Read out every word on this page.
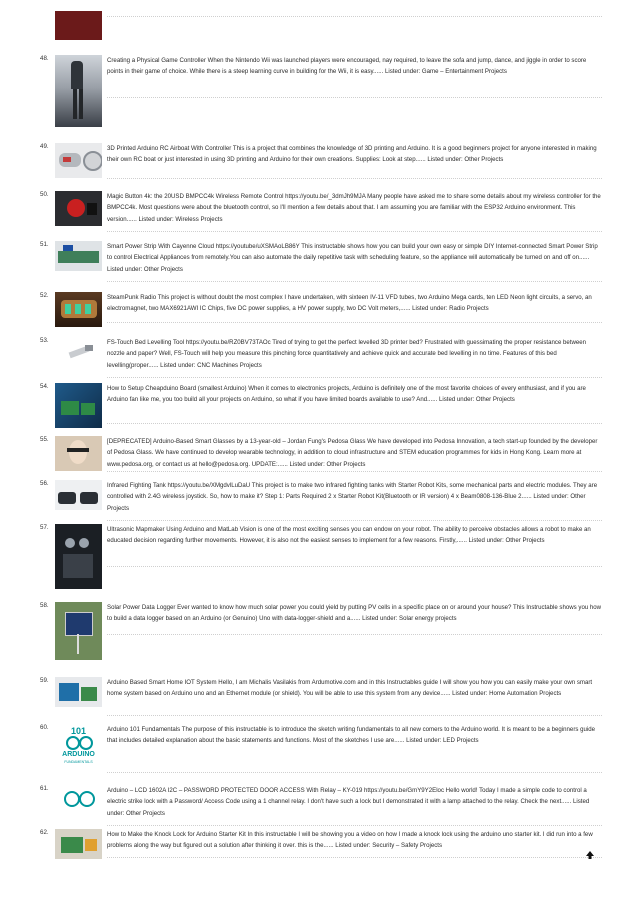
48.	Creating a Physical Game Controller When the Nintendo Wii was launched players were encouraged, nay required, to leave the sofa and jump, dance, and jiggle in order to score points in their game of choice. While there is a steep learning curve in building for the Wii, it is easy...... Listed under: Game – Entertainment Projects
49.	3D Printed Arduino RC Airboat With Controller This is a project that combines the knowledge of 3D printing and Arduino. It is a good beginners project for anyone interested in making their own RC boat or just interested in using 3D printing and Arduino for their own creations. Supplies: Look at step...... Listed under: Other Projects
50.	Magic Button 4k: the 20USD BMPCC4k Wireless Remote Control https://youtu.be/_3dmJh9MJA Many people have asked me to share some details about my wireless controller for the BMPCC4k. Most questions were about the bluetooth control, so I'll mention a few details about that. I am assuming you are familiar with the ESP32 Arduino environment. This version...... Listed under: Wireless Projects
51.	Smart Power Strip With Cayenne Cloud https://youtube/uXSMAoLB86Y This instructable shows how you can build your own easy or simple DIY Internet-connected Smart Power Strip to control Electrical Appliances from remotely.You can also automate the daily repetitive task with scheduling feature, so the appliance will automatically be turned on and off on...... Listed under: Other Projects
52.	SteamPunk Radio This project is without doubt the most complex I have undertaken, with sixteen IV-11 VFD tubes, two Arduino Mega cards, ten LED Neon light circuits, a servo, an electromagnet, two MAX6921AWI IC Chips, five DC power supplies, a HV power supply, two DC Volt meters,...... Listed under: Radio Projects
53.	FS-Touch Bed Levelling Tool https://youtu.be/RZ0BV73TAOc Tired of trying to get the perfect levelled 3D printer bed? Frustrated with guessimating the proper resistance between nozzle and paper? Well, FS-Touch will help you measure this pinching force quantitatively and achieve quick and accurate bed levelling in no time. Features of this bed levelling(proper...... Listed under: CNC Machines Projects
54.	How to Setup Cheapduino Board (smallest Arduino) When it comes to electronics projects, Arduino is definitely one of the most favorite choices of every enthusiast, and if you are Arduino fan like me, you too build all your projects on Arduino, so what if you have limited boards available to use? And...... Listed under: Other Projects
55.	[DEPRECATED] Arduino-Based Smart Glasses by a 13-year-old – Jordan Fung's Pedosa Glass We have developed into Pedosa Innovation, a tech start-up founded by the developer of Pedosa Glass. We have continued to develop wearable technology, in addition to cloud infrastructure and STEM education programmes for kids in Hong Kong. Learn more at www.pedosa.org, or contact us at hello@pedosa.org. UPDATE:...... Listed under: Other Projects
56.	Infrared Fighting Tank https://youtu.be/XMgdvlLuDaU This project is to make two infrared fighting tanks with Starter Robot Kits, some mechanical parts and electric modules. They are controlled with 2.4G wireless joystick. So, how to make it? Step 1: Parts Required 2 x Starter Robot Kit(Bluetooth or IR version) 4 x Beam0808-136-Blue 2...... Listed under: Other Projects
57.	Ultrasonic Mapmaker Using Arduino and MatLab Vision is one of the most exciting senses you can endow on your robot. The ability to perceive obstacles allows a robot to make an educated decision regarding further movements. However, it is also not the easiest senses to implement for a few reasons. Firstly,...... Listed under: Other Projects
58.	Solar Power Data Logger Ever wanted to know how much solar power you could yield by putting PV cells in a specific place on or around your house? This Instructable shows you how to build a data logger based on an Arduino (or Genuino) Uno with data-logger-shield and a...... Listed under: Solar energy projects
59.	Arduino Based Smart Home IOT System Hello, I am Michalis Vasilakis from Ardumotive.com and in this Instructables guide I will show you how you can easily make your own smart home system based on Arduino uno and an Ethernet module (or shield). You will be able to use this system from any device...... Listed under: Home Automation Projects
60.	101
ARDUINO
FUNDAMENTALS
Arduino 101 Fundamentals The purpose of this instructable is to introduce the sketch writing fundamentals to all new comers to the Arduino world. It is meant to be a beginners guide that includes detailed explanation about the basic statements and functions. Most of the sketches I use are...... Listed under: LED Projects
61.	Arduino – LCD 1602A I2C – PASSWORD PROTECTED DOOR ACCESS With Relay – KY-019 https://youtu.be/GmY9Y2Eloc Hello world! Today I made a simple code to control a electric strike lock with a Password/ Access Code using a 1 channel relay. I don't have such a lock but I demonstrated it with a lamp attached to the relay. Check the next...... Listed under: Other Projects
62.	How to Make the Knock Lock for Arduino Starter Kit In this instructable I will be showing you a video on how I made a knock lock using the arduino uno starter kit. I did run into a few problems along the way but figured out a solution after thinking it over. this is the...... Listed under: Security – Safety Projects
